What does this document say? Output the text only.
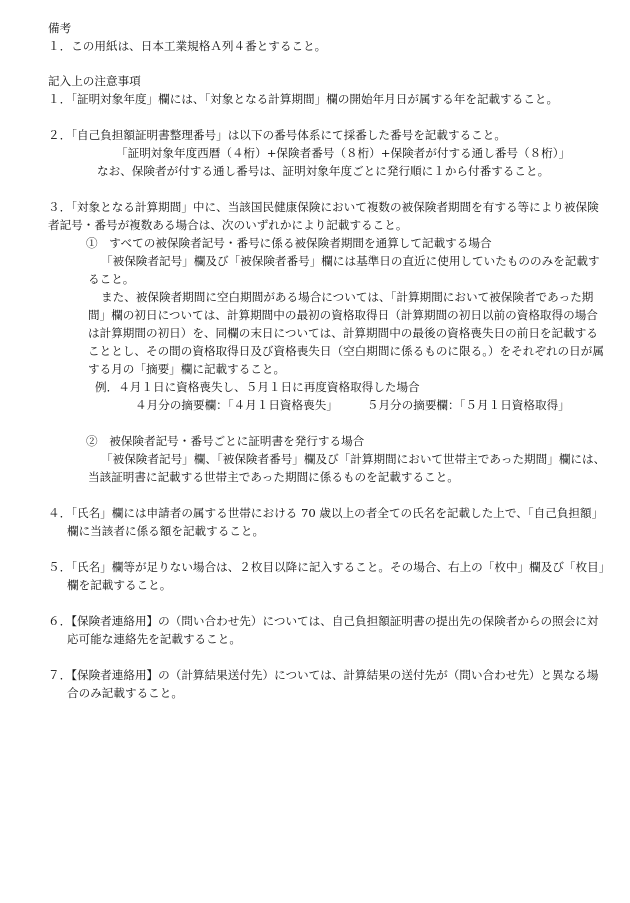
備考

１．この用紙は、日本工業規格Ａ列４番とすること。

記入上の注意事項

１．「証明対象年度」欄には、「対象となる計算期間」欄の開始年月日が属する年を記載すること。

２．「自己負担額証明書整理番号」は以下の番号体系にて採番した番号を記載すること。

「証明対象年度西暦（４桁）+保険者番号（８桁）+保険者が付する通し番号（８桁）」

なお、保険者が付する通し番号は、証明対象年度ごとに発行順に１から付番すること。

３．「対象となる計算期間」中に、当該国民健康保険において複数の被保険者期間を有する等により被保険

者記号・番号が複数ある場合は、次のいずれかにより記載すること。

①　すべての被保険者記号・番号に係る被保険者期間を通算して記載する場合

「被保険者記号」欄及び「被保険者番号」欄には基準日の直近に使用していたもののみを記載すること。

また、被保険者期間に空白期間がある場合については、「計算期間において被保険者であった期間」欄の初日については、計算期間中の最初の資格取得日（計算期間の初日以前の資格取得の場合は計算期間の初日）を、同欄の末日については、計算期間中の最後の資格喪失日の前日を記載することとし、その間の資格取得日及び資格喪失日（空白期間に係るものに限る。）をそれぞれの日が属する月の「摘要」欄に記載すること。

例．４月１日に資格喪失し、５月１日に再度資格取得した場合

４月分の摘要欄：「４月１日資格喪失」　　　５月分の摘要欄：「５月１日資格取得」

②　被保険者記号・番号ごとに証明書を発行する場合

「被保険者記号」欄、「被保険者番号」欄及び「計算期間において世帯主であった期間」欄には、当該証明書に記載する世帯主であった期間に係るものを記載すること。

４．「氏名」欄には申請者の属する世帯における 70 歳以上の者全ての氏名を記載した上で、「自己負担額」欄に当該者に係る額を記載すること。

５．「氏名」欄等が足りない場合は、２枚目以降に記入すること。その場合、右上の「枚中」欄及び「枚目」欄を記載すること。

６．【保険者連絡用】の（問い合わせ先）については、自己負担額証明書の提出先の保険者からの照会に対応可能な連絡先を記載すること。

７．【保険者連絡用】の（計算結果送付先）については、計算結果の送付先が（問い合わせ先）と異なる場合のみ記載すること。
